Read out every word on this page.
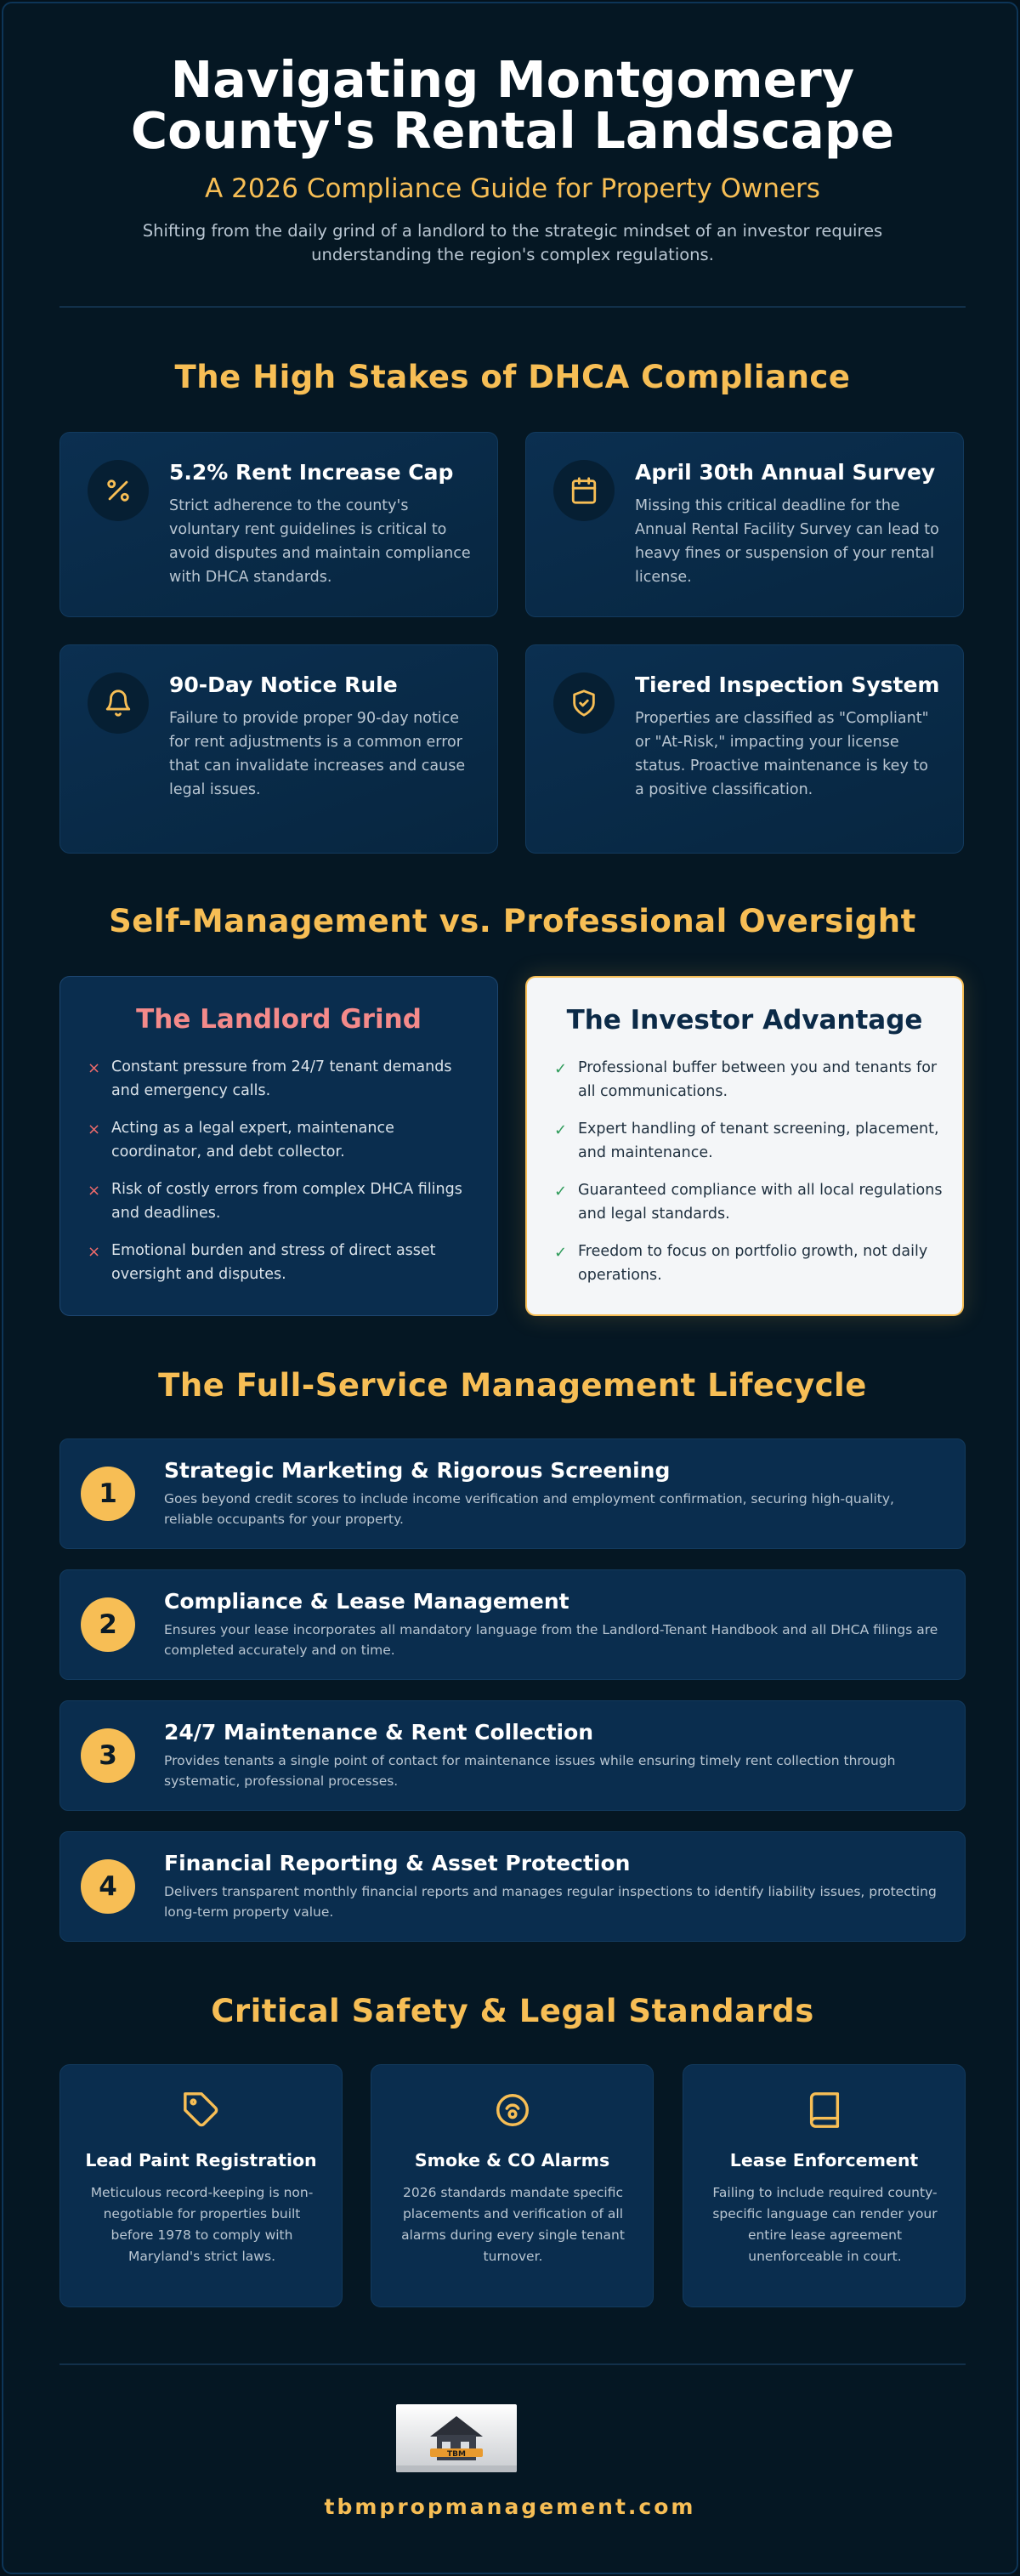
Navigating Montgomery
County's Rental Landscape
A 2026 Compliance Guide for Property Owners
Shifting from the daily grind of a landlord to the strategic mindset of an investor requires understanding the region's complex regulations.
The High Stakes of DHCA Compliance
5.2% Rent Increase Cap
Strict adherence to the county's voluntary rent guidelines is critical to avoid disputes and maintain compliance with DHCA standards.
April 30th Annual Survey
Missing this critical deadline for the Annual Rental Facility Survey can lead to heavy fines or suspension of your rental license.
90-Day Notice Rule
Failure to provide proper 90-day notice for rent adjustments is a common error that can invalidate increases and cause legal issues.
Tiered Inspection System
Properties are classified as "Compliant" or "At-Risk," impacting your license status. Proactive maintenance is key to a positive classification.
Self-Management vs. Professional Oversight
The Landlord Grind
× Constant pressure from 24/7 tenant demands and emergency calls.
× Acting as a legal expert, maintenance coordinator, and debt collector.
× Risk of costly errors from complex DHCA filings and deadlines.
× Emotional burden and stress of direct asset oversight and disputes.
The Investor Advantage
✓ Professional buffer between you and tenants for all communications.
✓ Expert handling of tenant screening, placement, and maintenance.
✓ Guaranteed compliance with all local regulations and legal standards.
✓ Freedom to focus on portfolio growth, not daily operations.
The Full-Service Management Lifecycle
1
Strategic Marketing & Rigorous Screening
Goes beyond credit scores to include income verification and employment confirmation, securing high-quality, reliable occupants for your property.
2
Compliance & Lease Management
Ensures your lease incorporates all mandatory language from the Landlord-Tenant Handbook and all DHCA filings are completed accurately and on time.
3
24/7 Maintenance & Rent Collection
Provides tenants a single point of contact for maintenance issues while ensuring timely rent collection through systematic, professional processes.
4
Financial Reporting & Asset Protection
Delivers transparent monthly financial reports and manages regular inspections to identify liability issues, protecting long-term property value.
Critical Safety & Legal Standards
Lead Paint Registration
Meticulous record-keeping is non-negotiable for properties built before 1978 to comply with Maryland's strict laws.
Smoke & CO Alarms
2026 standards mandate specific placements and verification of all alarms during every single tenant turnover.
Lease Enforcement
Failing to include required county-specific language can render your entire lease agreement unenforceable in court.
TBM
tbmpropmanagement.com
